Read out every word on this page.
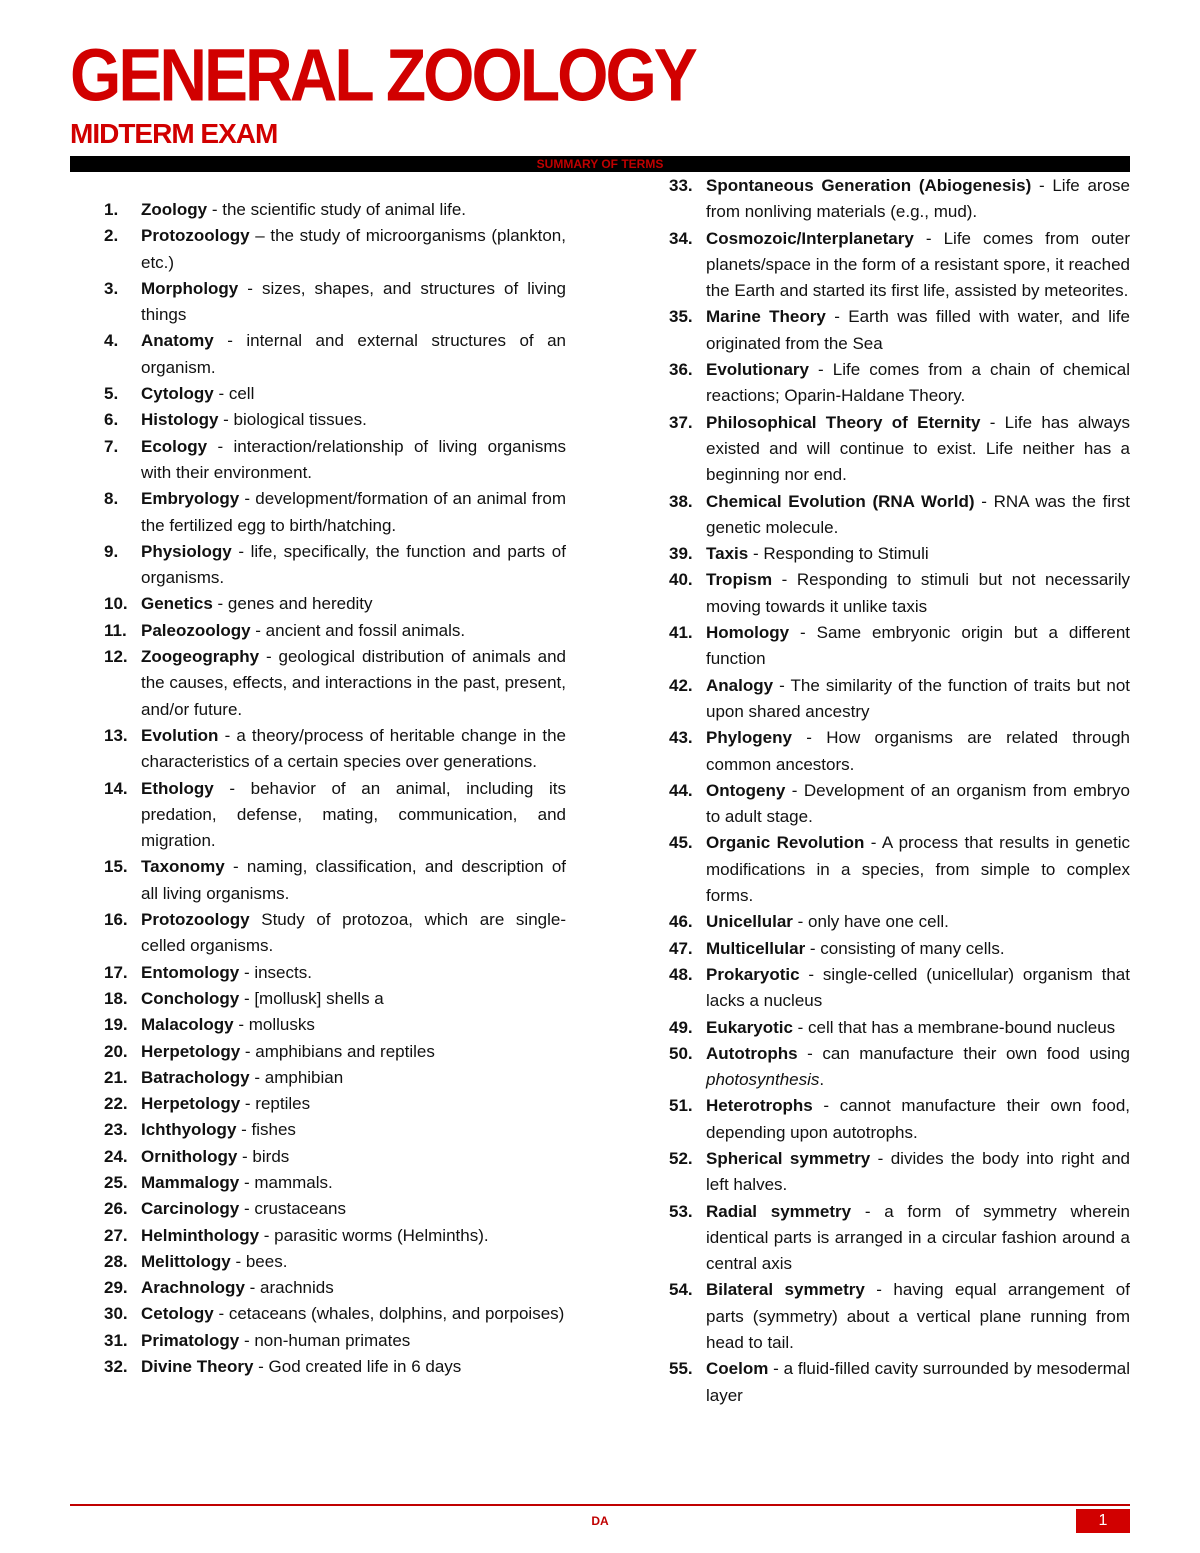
GENERAL ZOOLOGY
MIDTERM EXAM
SUMMARY OF TERMS
1. Zoology - the scientific study of animal life.
2. Protozoology – the study of microorganisms (plankton, etc.)
3. Morphology - sizes, shapes, and structures of living things
4. Anatomy - internal and external structures of an organism.
5. Cytology - cell
6. Histology - biological tissues.
7. Ecology - interaction/relationship of living organisms with their environment.
8. Embryology - development/formation of an animal from the fertilized egg to birth/hatching.
9. Physiology - life, specifically, the function and parts of organisms.
10. Genetics - genes and heredity
11. Paleozoology - ancient and fossil animals.
12. Zoogeography - geological distribution of animals and the causes, effects, and interactions in the past, present, and/or future.
13. Evolution - a theory/process of heritable change in the characteristics of a certain species over generations.
14. Ethology - behavior of an animal, including its predation, defense, mating, communication, and migration.
15. Taxonomy - naming, classification, and description of all living organisms.
16. Protozoology Study of protozoa, which are single-celled organisms.
17. Entomology - insects.
18. Conchology - [mollusk] shells a
19. Malacology - mollusks
20. Herpetology - amphibians and reptiles
21. Batrachology - amphibian
22. Herpetology - reptiles
23. Ichthyology - fishes
24. Ornithology - birds
25. Mammalogy - mammals.
26. Carcinology - crustaceans
27. Helminthology - parasitic worms (Helminths).
28. Melittology - bees.
29. Arachnology - arachnids
30. Cetology - cetaceans (whales, dolphins, and porpoises)
31. Primatology - non-human primates
32. Divine Theory - God created life in 6 days
33. Spontaneous Generation (Abiogenesis) - Life arose from nonliving materials (e.g., mud).
34. Cosmozoic/Interplanetary - Life comes from outer planets/space in the form of a resistant spore, it reached the Earth and started its first life, assisted by meteorites.
35. Marine Theory - Earth was filled with water, and life originated from the Sea
36. Evolutionary - Life comes from a chain of chemical reactions; Oparin-Haldane Theory.
37. Philosophical Theory of Eternity - Life has always existed and will continue to exist. Life neither has a beginning nor end.
38. Chemical Evolution (RNA World) - RNA was the first genetic molecule.
39. Taxis - Responding to Stimuli
40. Tropism - Responding to stimuli but not necessarily moving towards it unlike taxis
41. Homology - Same embryonic origin but a different function
42. Analogy - The similarity of the function of traits but not upon shared ancestry
43. Phylogeny - How organisms are related through common ancestors.
44. Ontogeny - Development of an organism from embryo to adult stage.
45. Organic Revolution - A process that results in genetic modifications in a species, from simple to complex forms.
46. Unicellular - only have one cell.
47. Multicellular - consisting of many cells.
48. Prokaryotic - single-celled (unicellular) organism that lacks a nucleus
49. Eukaryotic - cell that has a membrane-bound nucleus
50. Autotrophs - can manufacture their own food using photosynthesis.
51. Heterotrophs - cannot manufacture their own food, depending upon autotrophs.
52. Spherical symmetry - divides the body into right and left halves.
53. Radial symmetry - a form of symmetry wherein identical parts is arranged in a circular fashion around a central axis
54. Bilateral symmetry - having equal arrangement of parts (symmetry) about a vertical plane running from head to tail.
55. Coelom - a fluid-filled cavity surrounded by mesodermal layer
DA	1
